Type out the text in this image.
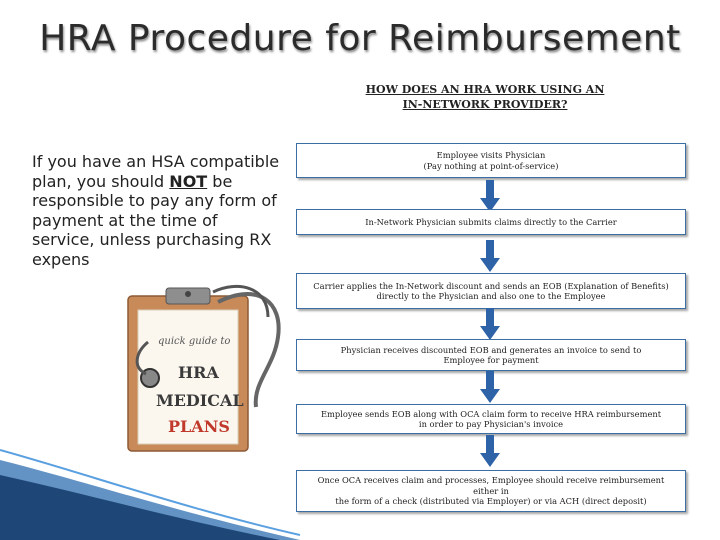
HRA Procedure for Reimbursement
If you have an HSA compatible plan, you should NOT be responsible to pay any form of payment at the time of service, unless purchasing RX expens
HOW DOES AN HRA WORK USING AN
IN-NETWORK PROVIDER?
Employee visits Physician
(Pay nothing at point-of-service)
In-Network Physician submits claims directly to the Carrier
Carrier applies the In-Network discount and sends an EOB (Explanation of Benefits)
directly to the Physician and also one to the Employee
Physician receives discounted EOB and generates an invoice to send to
Employee for payment
Employee sends EOB along with OCA claim form to receive HRA reimbursement
in order to pay Physician's invoice
Once OCA receives claim and processes, Employee should receive reimbursement either in
the form of a check (distributed via Employer) or via ACH (direct deposit)
quick guide to
HRA
MEDICAL
PLANS
